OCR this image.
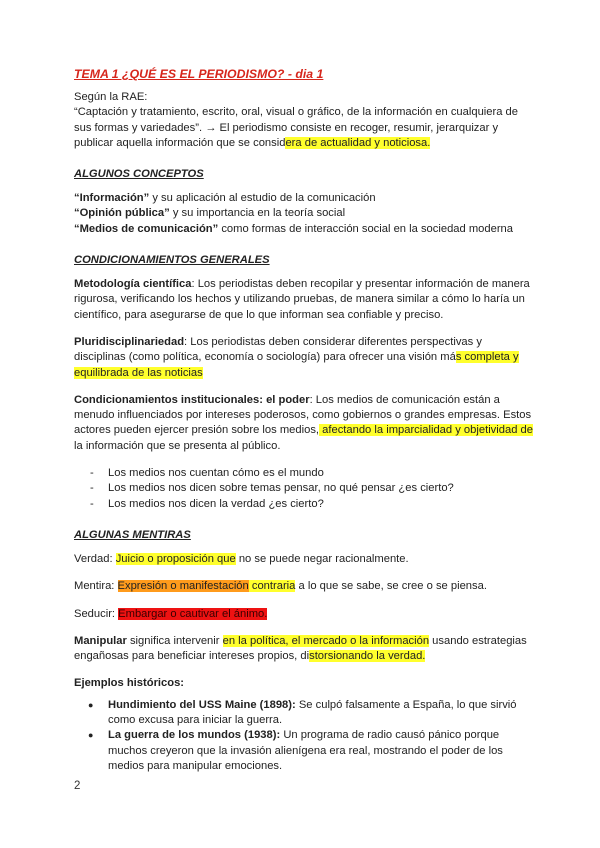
TEMA 1 ¿QUÉ ES EL PERIODISMO? - dia 1

Según la RAE:

“Captación y tratamiento, escrito, oral, visual o gráfico, de la información en cualquiera de sus formas y variedades”. → El periodismo consiste en recoger, resumir, jerarquizar y publicar aquella información que se considera de actualidad y noticiosa.

ALGUNOS CONCEPTOS

“Información” y su aplicación al estudio de la comunicación

“Opinión pública” y su importancia en la teoría social

“Medios de comunicación” como formas de interacción social en la sociedad moderna

CONDICIONAMIENTOS GENERALES

Metodología científica: Los periodistas deben recopilar y presentar información de manera rigurosa, verificando los hechos y utilizando pruebas, de manera similar a cómo lo haría un científico, para asegurarse de que lo que informan sea confiable y preciso.

Pluridisciplinariedad: Los periodistas deben considerar diferentes perspectivas y disciplinas (como política, economía o sociología) para ofrecer una visión más completa y equilibrada de las noticias

Condicionamientos institucionales: el poder: Los medios de comunicación están a menudo influenciados por intereses poderosos, como gobiernos o grandes empresas. Estos actores pueden ejercer presión sobre los medios, afectando la imparcialidad y objetividad de la información que se presenta al público.

- Los medios nos cuentan cómo es el mundo
- Los medios nos dicen sobre temas pensar, no qué pensar ¿es cierto?
- Los medios nos dicen la verdad ¿es cierto?
ALGUNAS MENTIRAS

Verdad: Juicio o proposición que no se puede negar racionalmente.

Mentira: Expresión o manifestación contraria a lo que se sabe, se cree o se piensa.

Seducir: Embargar o cautivar el ánimo.

Manipular significa intervenir en la política, el mercado o la información usando estrategias engañosas para beneficiar intereses propios, distorsionando la verdad.

Ejemplos históricos:

● Hundimiento del USS Maine (1898): Se culpó falsamente a España, lo que sirvió como excusa para iniciar la guerra.
● La guerra de los mundos (1938): Un programa de radio causó pánico porque muchos creyeron que la invasión alienígena era real, mostrando el poder de los medios para manipular emociones.
2
